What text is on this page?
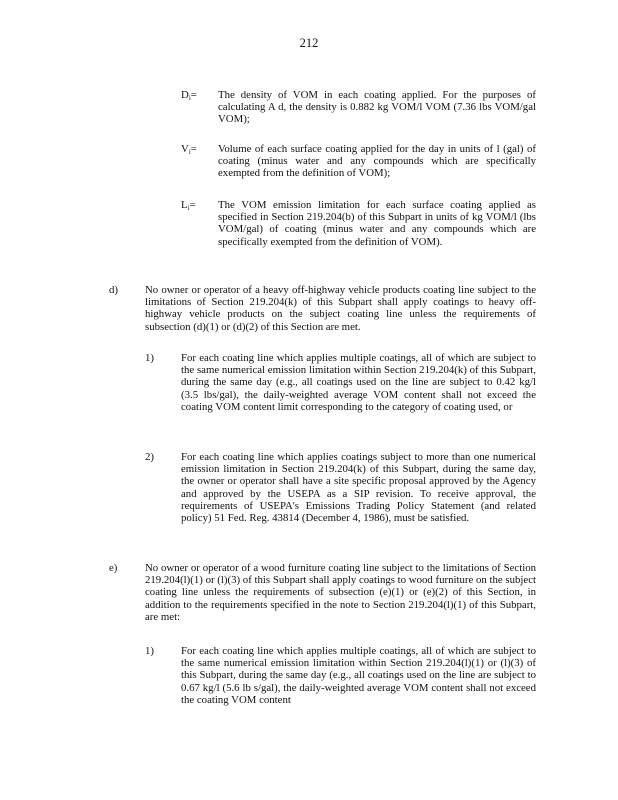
212
$D_i=$ The density of VOM in each coating applied. For the purposes of calculating A d, the density is 0.882 kg VOM/l VOM (7.36 lbs VOM/gal VOM);
$V_i=$ Volume of each surface coating applied for the day in units of l (gal) of coating (minus water and any compounds which are specifically exempted from the definition of VOM);
$L_i=$ The VOM emission limitation for each surface coating applied as specified in Section 219.204(b) of this Subpart in units of kg VOM/l (lbs VOM/gal) of coating (minus water and any compounds which are specifically exempted from the definition of VOM).
d)	No owner or operator of a heavy off-highway vehicle products coating line subject to the limitations of Section 219.204(k) of this Subpart shall apply coatings to heavy off-highway vehicle products on the subject coating line unless the requirements of subsection (d)(1) or (d)(2) of this Section are met.
1)	For each coating line which applies multiple coatings, all of which are subject to the same numerical emission limitation within Section 219.204(k) of this Subpart, during the same day (e.g., all coatings used on the line are subject to 0.42 kg/l (3.5 lbs/gal), the daily-weighted average VOM content shall not exceed the coating VOM content limit corresponding to the category of coating used, or
2)	For each coating line which applies coatings subject to more than one numerical emission limitation in Section 219.204(k) of this Subpart, during the same day, the owner or operator shall have a site specific proposal approved by the Agency and approved by the USEPA as a SIP revision. To receive approval, the requirements of USEPA's Emissions Trading Policy Statement (and related policy) 51 Fed. Reg. 43814 (December 4, 1986), must be satisfied.
e)	No owner or operator of a wood furniture coating line subject to the limitations of Section 219.204(l)(1) or (l)(3) of this Subpart shall apply coatings to wood furniture on the subject coating line unless the requirements of subsection (e)(1) or (e)(2) of this Section, in addition to the requirements specified in the note to Section 219.204(l)(1) of this Subpart, are met:
1)	For each coating line which applies multiple coatings, all of which are subject to the same numerical emission limitation within Section 219.204(l)(1) or (l)(3) of this Subpart, during the same day (e.g., all coatings used on the line are subject to 0.67 kg/l (5.6 lb s/gal), the daily-weighted average VOM content shall not exceed the coating VOM content
